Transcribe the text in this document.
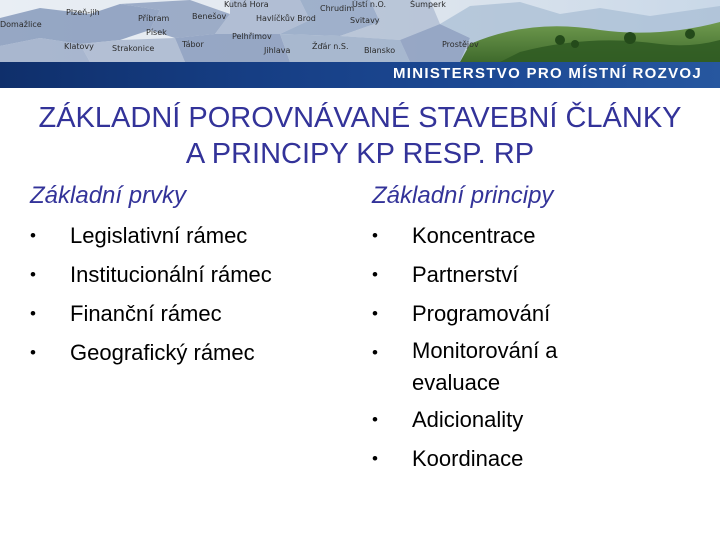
Plzeň-jih
Příbram	Benešov
Kutná Hora
Havlíčkův Brod
Chrudim
Svitavy
Domažlice
Klatovy Strakonice
Písek
Tábor
Pelhřimov
Jihlava	Žďár n.S. Blansko
Prostějov
Ústí n.O.	Šumperk
MINISTERSTVO PRO MÍSTNÍ ROZVOJ
ZÁKLADNÍ POROVNÁVANÉ STAVEBNÍ ČLÁNKY A PRINCIPY KP RESP. RP
Základní prvky
•	Legislativní rámec
•	Institucionální rámec
•	Finanční rámec
•	Geografický rámec
Základní principy
•	Koncentrace
•	Partnerství
•	Programování
•	Monitorování a evaluace
•	Adicionality
•	Koordinace
